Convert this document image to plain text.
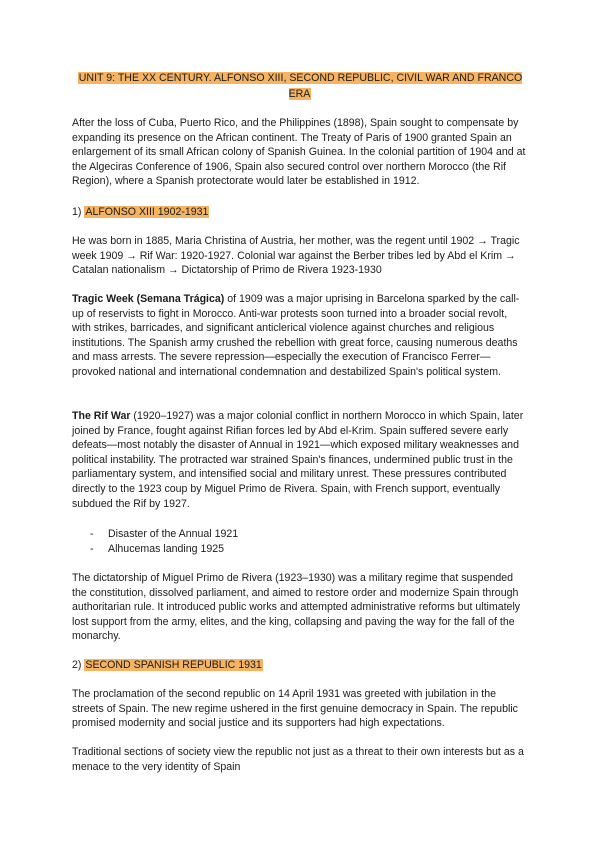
UNIT 9: THE XX CENTURY. ALFONSO XIII, SECOND REPUBLIC, CIVIL WAR AND FRANCO ERA

After the loss of Cuba, Puerto Rico, and the Philippines (1898), Spain sought to compensate by expanding its presence on the African continent. The Treaty of Paris of 1900 granted Spain an enlargement of its small African colony of Spanish Guinea. In the colonial partition of 1904 and at the Algeciras Conference of 1906, Spain also secured control over northern Morocco (the Rif Region), where a Spanish protectorate would later be established in 1912.

1) ALFONSO XIII 1902-1931

He was born in 1885, Maria Christina of Austria, her mother, was the regent until 1902 → Tragic week 1909 → Rif War: 1920-1927. Colonial war against the Berber tribes led by Abd el Krim → Catalan nationalism → Dictatorship of Primo de Rivera 1923-1930

Tragic Week (Semana Trágica) of 1909 was a major uprising in Barcelona sparked by the call-up of reservists to fight in Morocco. Anti-war protests soon turned into a broader social revolt, with strikes, barricades, and significant anticlerical violence against churches and religious institutions. The Spanish army crushed the rebellion with great force, causing numerous deaths and mass arrests. The severe repression—especially the execution of Francisco Ferrer—provoked national and international condemnation and destabilized Spain's political system.

The Rif War (1920–1927) was a major colonial conflict in northern Morocco in which Spain, later joined by France, fought against Rifian forces led by Abd el-Krim. Spain suffered severe early defeats—most notably the disaster of Annual in 1921—which exposed military weaknesses and political instability. The protracted war strained Spain's finances, undermined public trust in the parliamentary system, and intensified social and military unrest. These pressures contributed directly to the 1923 coup by Miguel Primo de Rivera. Spain, with French support, eventually subdued the Rif by 1927.

- Disaster of the Annual 1921
- Alhucemas landing 1925

The dictatorship of Miguel Primo de Rivera (1923–1930) was a military regime that suspended the constitution, dissolved parliament, and aimed to restore order and modernize Spain through authoritarian rule. It introduced public works and attempted administrative reforms but ultimately lost support from the army, elites, and the king, collapsing and paving the way for the fall of the monarchy.

2) SECOND SPANISH REPUBLIC 1931

The proclamation of the second republic on 14 April 1931 was greeted with jubilation in the streets of Spain. The new regime ushered in the first genuine democracy in Spain. The republic promised modernity and social justice and its supporters had high expectations.

Traditional sections of society view the republic not just as a threat to their own interests but as a menace to the very identity of Spain
